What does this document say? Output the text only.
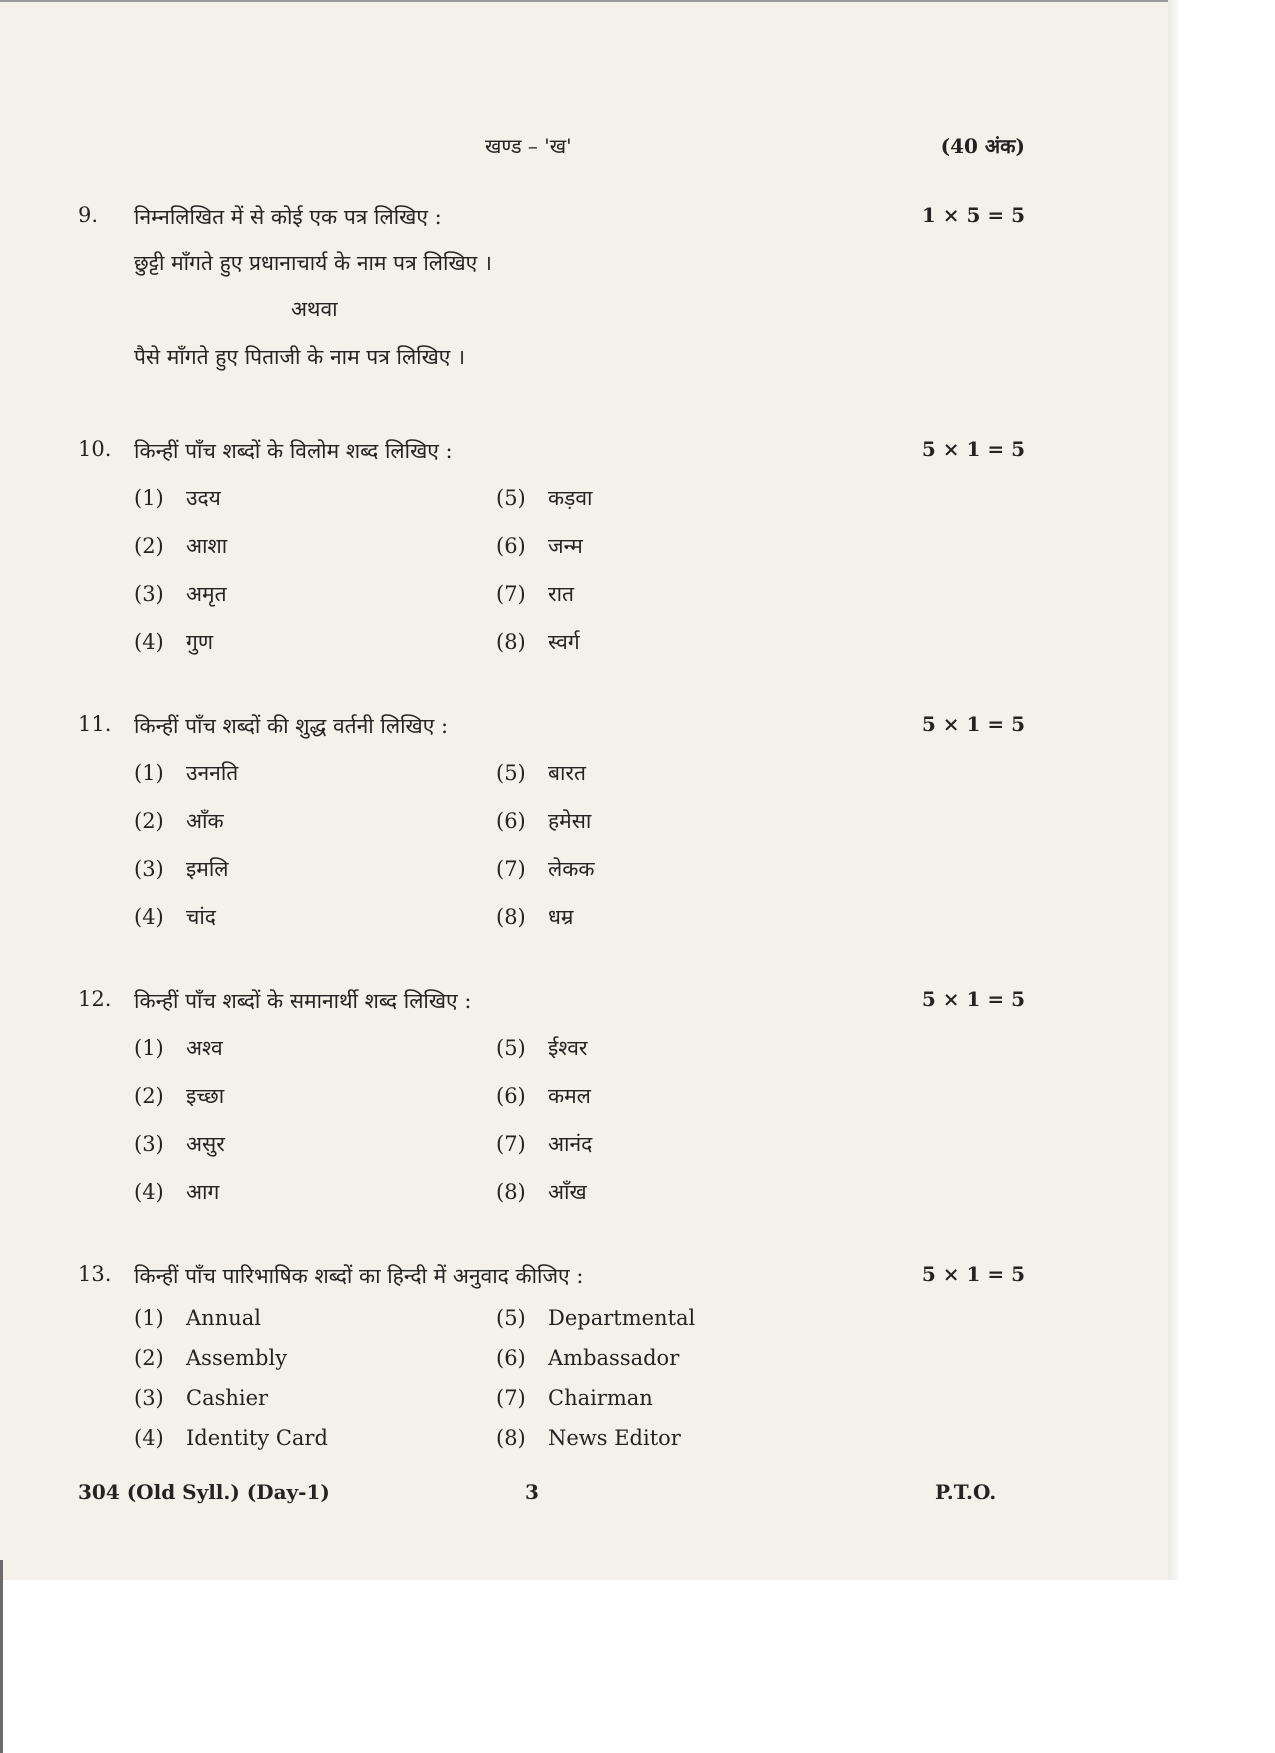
खण्ड – 'ख'	(40 अंक)
9. निम्नलिखित में से कोई एक पत्र लिखिए :	1 × 5 = 5
छुट्टी माँगते हुए प्रधानाचार्य के नाम पत्र लिखिए ।
अथवा
पैसे माँगते हुए पिताजी के नाम पत्र लिखिए ।
10. किन्हीं पाँच शब्दों के विलोम शब्द लिखिए :	5 × 1 = 5
(1) उदय
(2) आशा
(3) अमृत
(4) गुण
(5) कड़वा
(6) जन्म
(7) रात
(8) स्वर्ग
11. किन्हीं पाँच शब्दों की शुद्ध वर्तनी लिखिए :	5 × 1 = 5
(1) उननति
(2) आँक
(3) इमलि
(4) चांद
(5) बारत
(6) हमेसा
(7) लेकक
(8) धम्र
12. किन्हीं पाँच शब्दों के समानार्थी शब्द लिखिए :	5 × 1 = 5
(1) अश्व
(2) इच्छा
(3) असुर
(4) आग
(5) ईश्वर
(6) कमल
(7) आनंद
(8) आँख
13. किन्हीं पाँच पारिभाषिक शब्दों का हिन्दी में अनुवाद कीजिए :	5 × 1 = 5
(1) Annual
(2) Assembly
(3) Cashier
(4) Identity Card
(5) Departmental
(6) Ambassador
(7) Chairman
(8) News Editor
304 (Old Syll.) (Day-1)	3	P.T.O.
